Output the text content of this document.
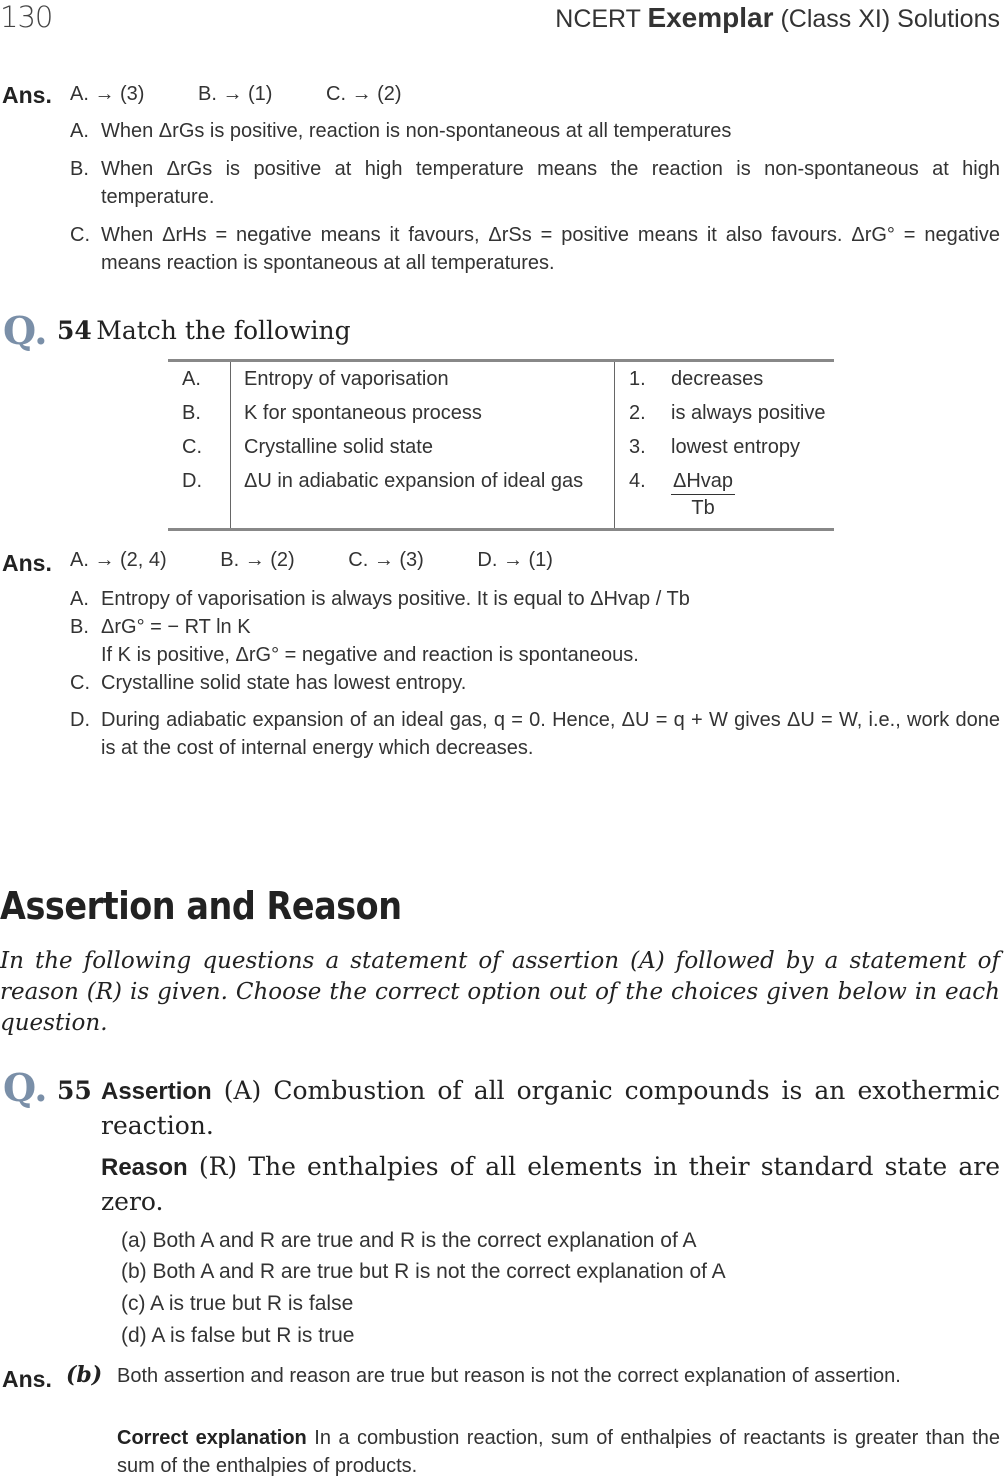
130	NCERT Exemplar (Class XI) Solutions
Ans. A. → (3)	B. → (1)	C. → (2)
A. When ΔrGs is positive, reaction is non-spontaneous at all temperatures
B. When ΔrGs is positive at high temperature means the reaction is non-spontaneous at high temperature.
C. When ΔrHs = negative means it favours, ΔrSs = positive means it also favours. ΔrG° = negative means reaction is spontaneous at all temperatures.
Q. 54 Match the following
A.	Entropy of vaporisation	1.	decreases
B.	K for spontaneous process	2.	is always positive
C.	Crystalline solid state	3.	lowest entropy
D.	ΔU in adiabatic expansion of ideal gas	4.	$\frac{\text{ΔHvap}}{Tb}$
Ans. A. → (2, 4)	B. → (2)	C. → (3)	D. → (1)
A. Entropy of vaporisation is always positive. It is equal to ΔHvap / Tb
B. ΔrG° = − RT ln K
If K is positive, ΔrG° = negative and reaction is spontaneous.
C. Crystalline solid state has lowest entropy.
D. During adiabatic expansion of an ideal gas, q = 0. Hence, ΔU = q + W gives ΔU = W, i.e., work done is at the cost of internal energy which decreases.
Assertion and Reason
In the following questions a statement of assertion (A) followed by a statement of reason (R) is given. Choose the correct option out of the choices given below in each question.
Q. 55 Assertion (A) Combustion of all organic compounds is an exothermic reaction.
Reason (R) The enthalpies of all elements in their standard state are zero.
(a) Both A and R are true and R is the correct explanation of A
(b) Both A and R are true but R is not the correct explanation of A
(c) A is true but R is false
(d) A is false but R is true
Ans. (b) Both assertion and reason are true but reason is not the correct explanation of assertion.
Correct explanation In a combustion reaction, sum of enthalpies of reactants is greater than the sum of the enthalpies of products.
